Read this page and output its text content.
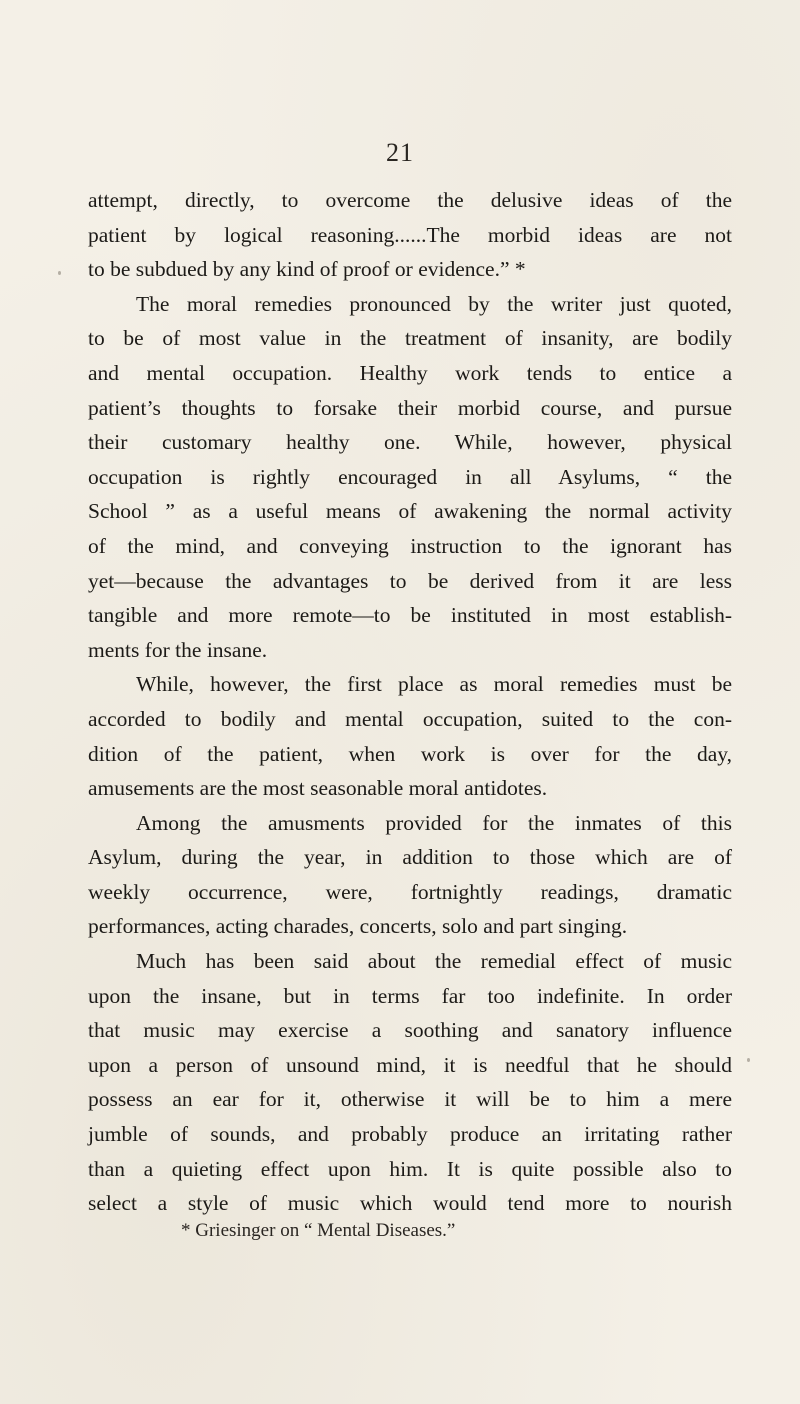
21
attempt, directly, to overcome the delusive ideas of the
patient by logical reasoning......The morbid ideas are not
to be subdued by any kind of proof or evidence.” *
The moral remedies pronounced by the writer just quoted,
to be of most value in the treatment of insanity, are bodily
and mental occupation. Healthy work tends to entice a
patient’s thoughts to forsake their morbid course, and pursue
their customary healthy one. While, however, physical
occupation is rightly encouraged in all Asylums, “ the
School ” as a useful means of awakening the normal activity
of the mind, and conveying instruction to the ignorant has
yet—because the advantages to be derived from it are less
tangible and more remote—to be instituted in most establish-
ments for the insane.
While, however, the first place as moral remedies must be
accorded to bodily and mental occupation, suited to the con-
dition of the patient, when work is over for the day,
amusements are the most seasonable moral antidotes.
Among the amusments provided for the inmates of this
Asylum, during the year, in addition to those which are of
weekly occurrence, were, fortnightly readings, dramatic
performances, acting charades, concerts, solo and part singing.
Much has been said about the remedial effect of music
upon the insane, but in terms far too indefinite. In order
that music may exercise a soothing and sanatory influence
upon a person of unsound mind, it is needful that he should
possess an ear for it, otherwise it will be to him a mere
jumble of sounds, and probably produce an irritating rather
than a quieting effect upon him. It is quite possible also to
select a style of music which would tend more to nourish
* Griesinger on “ Mental Diseases.”
